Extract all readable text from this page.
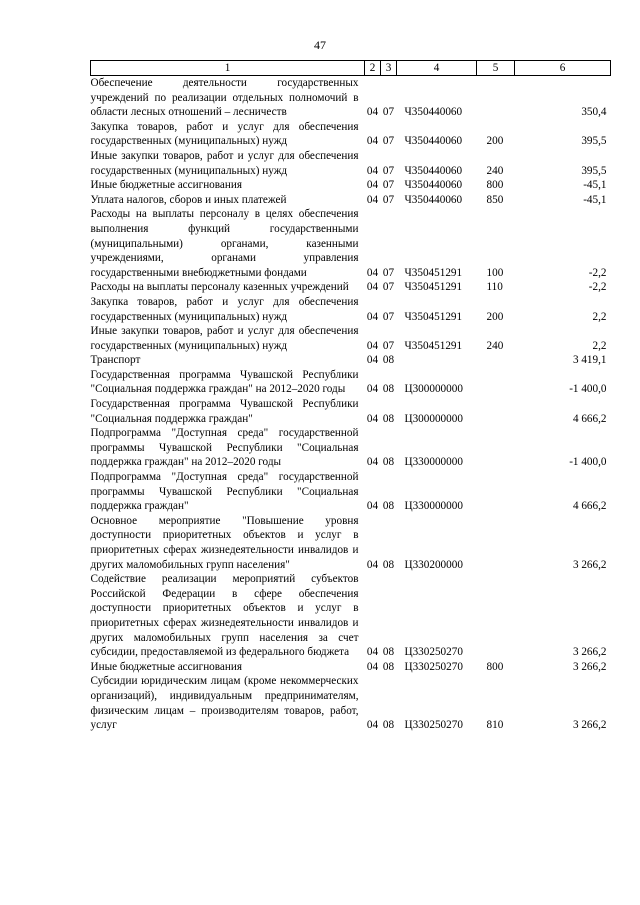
47
1	2	3	4	5	6
Обеспечение деятельности государственных учреждений по реализации отдельных полномочий в области лесных отношений – лесничеств	04	07	Ч350440060		350,4
Закупка товаров, работ и услуг для обеспечения государственных (муниципальных) нужд	04	07	Ч350440060	200	395,5
Иные закупки товаров, работ и услуг для обеспечения государственных (муниципальных) нужд	04	07	Ч350440060	240	395,5
Иные бюджетные ассигнования	04	07	Ч350440060	800	-45,1
Уплата налогов, сборов и иных платежей	04	07	Ч350440060	850	-45,1
Расходы на выплаты персоналу в целях обеспечения выполнения функций государственными (муниципальными) органами, казенными учреждениями, органами управления государственными внебюджетными фондами	04	07	Ч350451291	100	-2,2
Расходы на выплаты персоналу казенных учреждений	04	07	Ч350451291	110	-2,2
Закупка товаров, работ и услуг для обеспечения государственных (муниципальных) нужд	04	07	Ч350451291	200	2,2
Иные закупки товаров, работ и услуг для обеспечения государственных (муниципальных) нужд	04	07	Ч350451291	240	2,2
Транспорт	04	08			3 419,1
Государственная программа Чувашской Республики "Социальная поддержка граждан" на 2012–2020 годы	04	08	Ц300000000		-1 400,0
Государственная программа Чувашской Республики "Социальная поддержка граждан"	04	08	Ц300000000		4 666,2
Подпрограмма "Доступная среда" государственной программы Чувашской Республики "Социальная поддержка граждан" на 2012–2020 годы	04	08	Ц330000000		-1 400,0
Подпрограмма "Доступная среда" государственной программы Чувашской Республики "Социальная поддержка граждан"	04	08	Ц330000000		4 666,2
Основное мероприятие "Повышение уровня доступности приоритетных объектов и услуг в приоритетных сферах жизнедеятельности инвалидов и других маломобильных групп населения"	04	08	Ц330200000		3 266,2
Содействие реализации мероприятий субъектов Российской Федерации в сфере обеспечения доступности приоритетных объектов и услуг в приоритетных сферах жизнедеятельности инвалидов и других маломобильных групп населения за счет субсидии, предоставляемой из федерального бюджета	04	08	Ц330250270		3 266,2
Иные бюджетные ассигнования	04	08	Ц330250270	800	3 266,2
Субсидии юридическим лицам (кроме некоммерческих организаций), индивидуальным предпринимателям, физическим лицам – производителям товаров, работ, услуг	04	08	Ц330250270	810	3 266,2
